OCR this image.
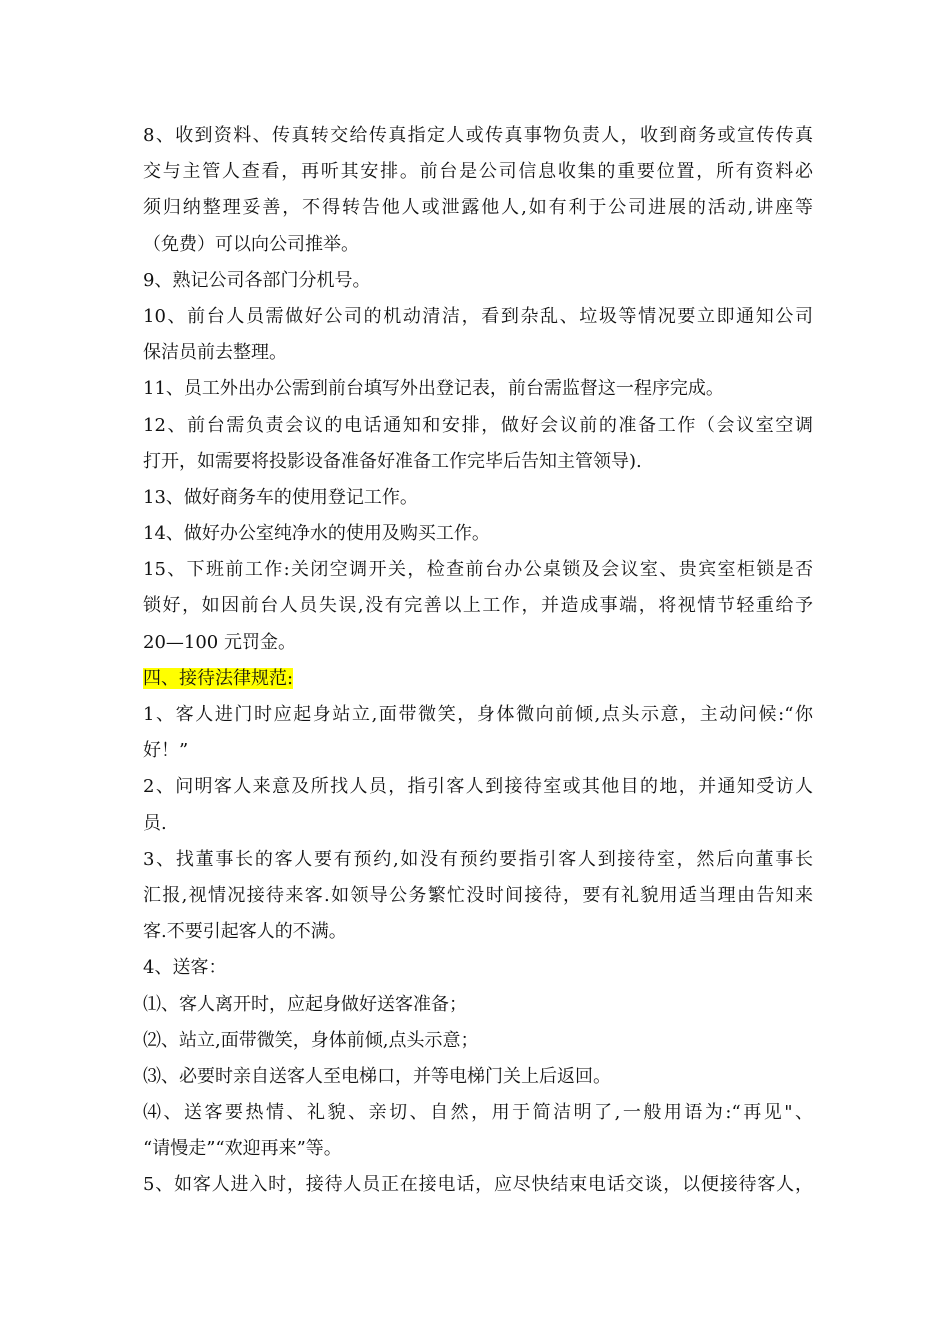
8、收到资料、传真转交给传真指定人或传真事物负责人，收到商务或宣传传真
交与主管人查看，再听其安排。前台是公司信息收集的重要位置，所有资料必
须归纳整理妥善，不得转告他人或泄露他人,如有利于公司进展的活动,讲座等
（免费）可以向公司推举。
9、熟记公司各部门分机号。
10、前台人员需做好公司的机动清洁，看到杂乱、垃圾等情况要立即通知公司
保洁员前去整理。
11、员工外出办公需到前台填写外出登记表，前台需监督这一程序完成。
12、前台需负责会议的电话通知和安排，做好会议前的准备工作（会议室空调
打开，如需要将投影设备准备好准备工作完毕后告知主管领导).
13、做好商务车的使用登记工作。
14、做好办公室纯净水的使用及购买工作。
15、下班前工作:关闭空调开关，检查前台办公桌锁及会议室、贵宾室柜锁是否
锁好，如因前台人员失误,没有完善以上工作，并造成事端，将视情节轻重给予
20—100 元罚金。
四、接待法律规范:
1、客人进门时应起身站立,面带微笑，身体微向前倾,点头示意，主动问候:“你
好！”
2、问明客人来意及所找人员，指引客人到接待室或其他目的地，并通知受访人
员.
3、找董事长的客人要有预约,如没有预约要指引客人到接待室，然后向董事长
汇报,视情况接待来客.如领导公务繁忙没时间接待，要有礼貌用适当理由告知来
客.不要引起客人的不满。
4、送客：
⑴、客人离开时，应起身做好送客准备；
⑵、站立,面带微笑，身体前倾,点头示意；
⑶、必要时亲自送客人至电梯口，并等电梯门关上后返回。
⑷、送客要热情、礼貌、亲切、自然，用于简洁明了,一般用语为:“再见"、
“请慢走”“欢迎再来”等。
5、如客人进入时，接待人员正在接电话，应尽快结束电话交谈，以便接待客人，
